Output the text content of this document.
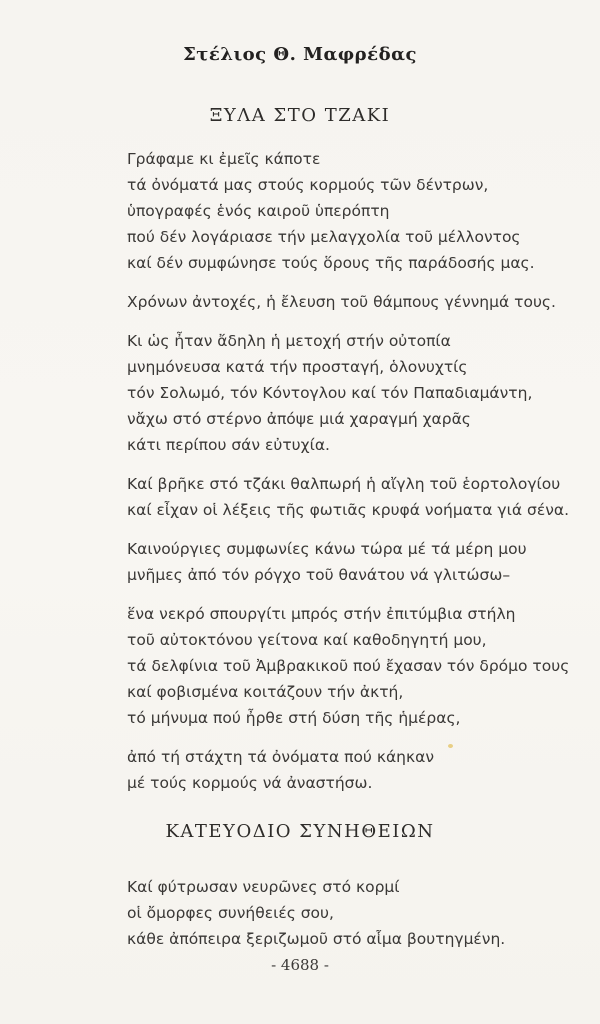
Στέλιος Θ. Μαφρέδας
ΞΥΛΑ ΣΤΟ ΤΖΑΚΙ
Γράφαμε κι ἐμεῖς κάποτε
τά ὀνόματά μας στούς κορμούς τῶν δέντρων,
ὑπογραφές ἑνός καιροῦ ὑπερόπτη
πού δέν λογάριασε τήν μελαγχολία τοῦ μέλλοντος
καί δέν συμφώνησε τούς ὅρους τῆς παράδοσής μας.
Χρόνων ἀντοχές, ἡ ἔλευση τοῦ θάμπους γέννημά τους.
Κι ὡς ἦταν ἄδηλη ἡ μετοχή στήν οὐτοπία
μνημόνευσα κατά τήν προσταγή, ὁλονυχτίς
τόν Σολωμό, τόν Κόντογλου καί τόν Παπαδιαμάντη,
νἄχω στό στέρνο ἀπόψε μιά χαραγμή χαρᾶς
κάτι περίπου σάν εὐτυχία.
Καί βρῆκε στό τζάκι θαλπωρή ἡ αἴγλη τοῦ ἑορτολογίου
καί εἶχαν οἱ λέξεις τῆς φωτιᾶς κρυφά νοήματα γιά σένα.
Καινούργιες συμφωνίες κάνω τώρα μέ τά μέρη μου
μνῆμες ἀπό τόν ρόγχο τοῦ θανάτου νά γλιτώσω–
ἕνα νεκρό σπουργίτι μπρός στήν ἐπιτύμβια στήλη
τοῦ αὐτοκτόνου γείτονα καί καθοδηγητή μου,
τά δελφίνια τοῦ Ἀμβρακικοῦ πού ἔχασαν τόν δρόμο τους
καί φοβισμένα κοιτάζουν τήν ἀκτή,
τό μήνυμα πού ἦρθε στή δύση τῆς ἡμέρας,
ἀπό τή στάχτη τά ὀνόματα πού κάηκαν
μέ τούς κορμούς νά ἀναστήσω.
ΚΑΤΕΥΟΔΙΟ ΣΥΝΗΘΕΙΩΝ
Καί φύτρωσαν νευρῶνες στό κορμί
οἱ ὄμορφες συνήθειές σου,
κάθε ἀπόπειρα ξεριζωμοῦ στό αἷμα βουτηγμένη.
- 4688 -
